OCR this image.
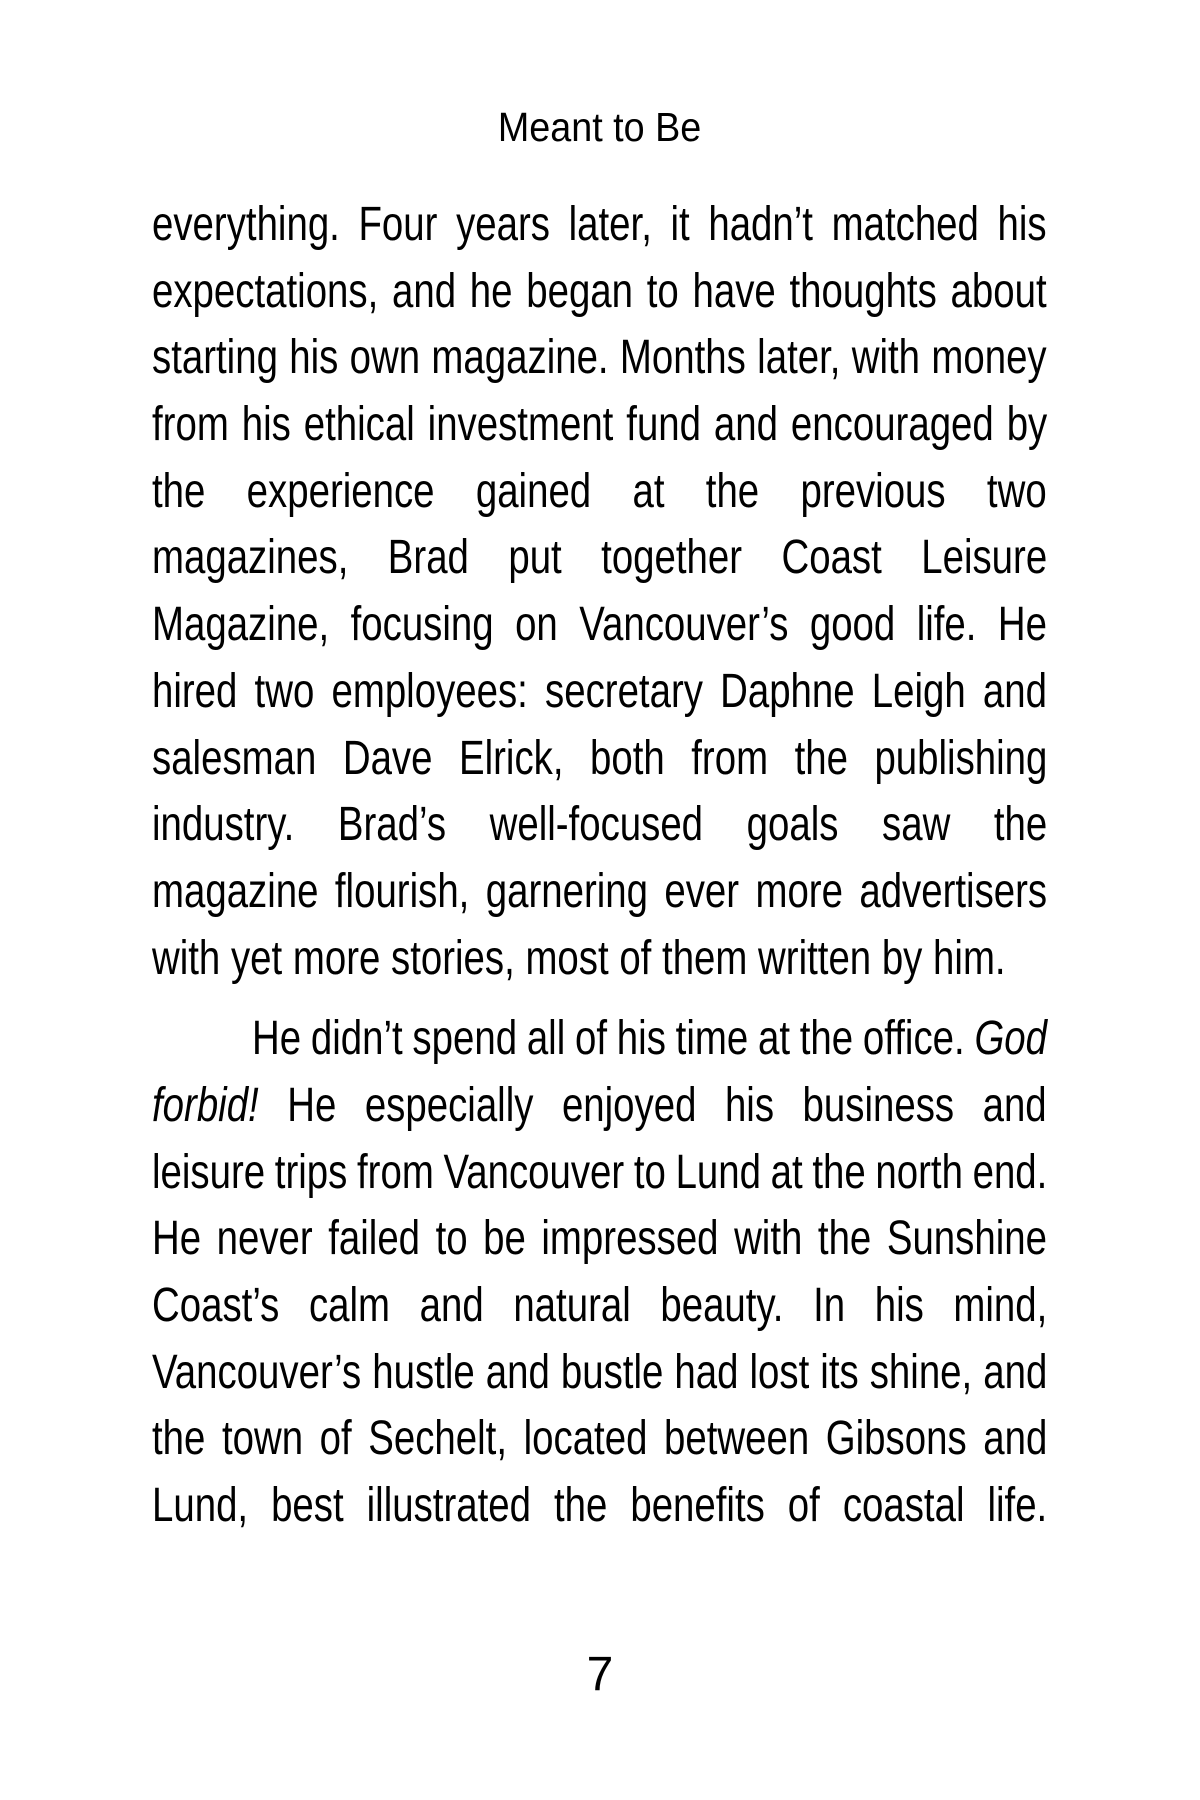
Meant to Be
everything. Four years later, it hadn’t matched his
expectations, and he began to have thoughts about
starting his own magazine. Months later, with money
from his ethical investment fund and encouraged by
the experience gained at the previous two
magazines, Brad put together Coast Leisure
Magazine, focusing on Vancouver’s good life. He
hired two employees: secretary Daphne Leigh and
salesman Dave Elrick, both from the publishing
industry. Brad’s well-focused goals saw the
magazine flourish, garnering ever more advertisers
with yet more stories, most of them written by him.
He didn’t spend all of his time at the office. God
forbid! He especially enjoyed his business and
leisure trips from Vancouver to Lund at the north end.
He never failed to be impressed with the Sunshine
Coast’s calm and natural beauty. In his mind,
Vancouver’s hustle and bustle had lost its shine, and
the town of Sechelt, located between Gibsons and
Lund, best illustrated the benefits of coastal life.
7
